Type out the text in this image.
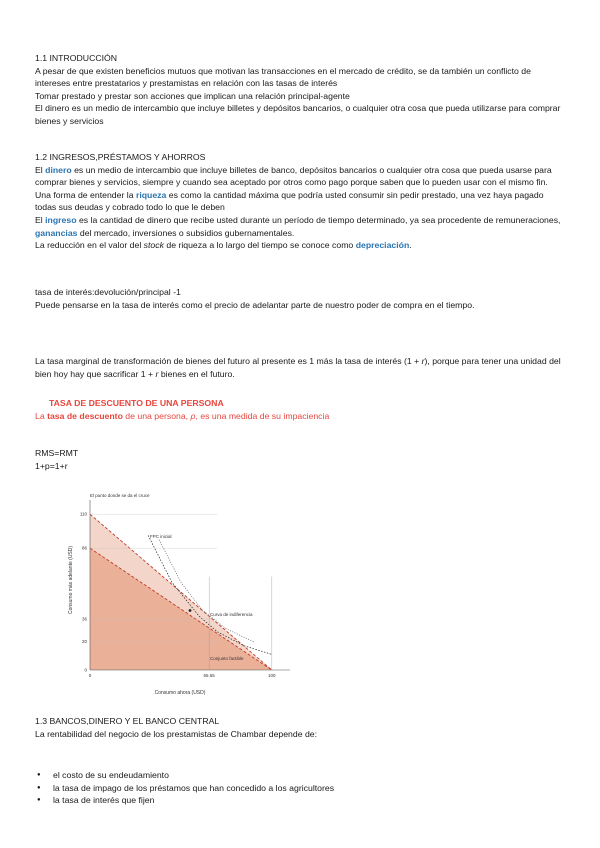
1.1 INTRODUCCIÓN

A pesar de que existen beneficios mutuos que motivan las transacciones en el mercado de crédito, se da también un conflicto de intereses entre prestatarios y prestamistas en relación con las tasas de interés

Tomar prestado y prestar son acciones que implican una relación principal-agente

El dinero es un medio de intercambio que incluye billetes y depósitos bancarios, o cualquier otra cosa que pueda utilizarse para comprar bienes y servicios

1.2 INGRESOS,PRÉSTAMOS Y AHORROS

El dinero es un medio de intercambio que incluye billetes de banco, depósitos bancarios o cualquier otra cosa que pueda usarse para comprar bienes y servicios, siempre y cuando sea aceptado por otros como pago porque saben que lo pueden usar con el mismo fin.

Una forma de entender la riqueza es como la cantidad máxima que podría usted consumir sin pedir prestado, una vez haya pagado todas sus deudas y cobrado todo lo que le deben

El ingreso es la cantidad de dinero que recibe usted durante un período de tiempo determinado, ya sea procedente de remuneraciones, ganancias del mercado, inversiones o subsidios gubernamentales.

La reducción en el valor del stock de riqueza a lo largo del tiempo se conoce como depreciación.

tasa de interés:devolución/principal -1

Puede pensarse en la tasa de interés como el precio de adelantar parte de nuestro poder de compra en el tiempo.

La tasa marginal de transformación de bienes del futuro al presente es 1 más la tasa de interés (1 + r), porque para tener una unidad del bien hoy hay que sacrificar 1 + r bienes en el futuro.

TASA DE DESCUENTO DE UNA PERSONA

La tasa de descuento de una persona, ρ, es una medida de su impaciencia

RMS=RMT

1+p=1+r

0	65.55	100
0
20
36
86
110
El punto donde se da el cruce
FPC inicial
Conjunto factible
Curva de indiferencia
Consumo ahora (USD)
Consumo más adelante (USD)

1.3 BANCOS,DINERO Y EL BANCO CENTRAL

La rentabilidad del negocio de los prestamistas de Chambar depende de:

● el costo de su endeudamiento
● la tasa de impago de los préstamos que han concedido a los agricultores
● la tasa de interés que fijen
